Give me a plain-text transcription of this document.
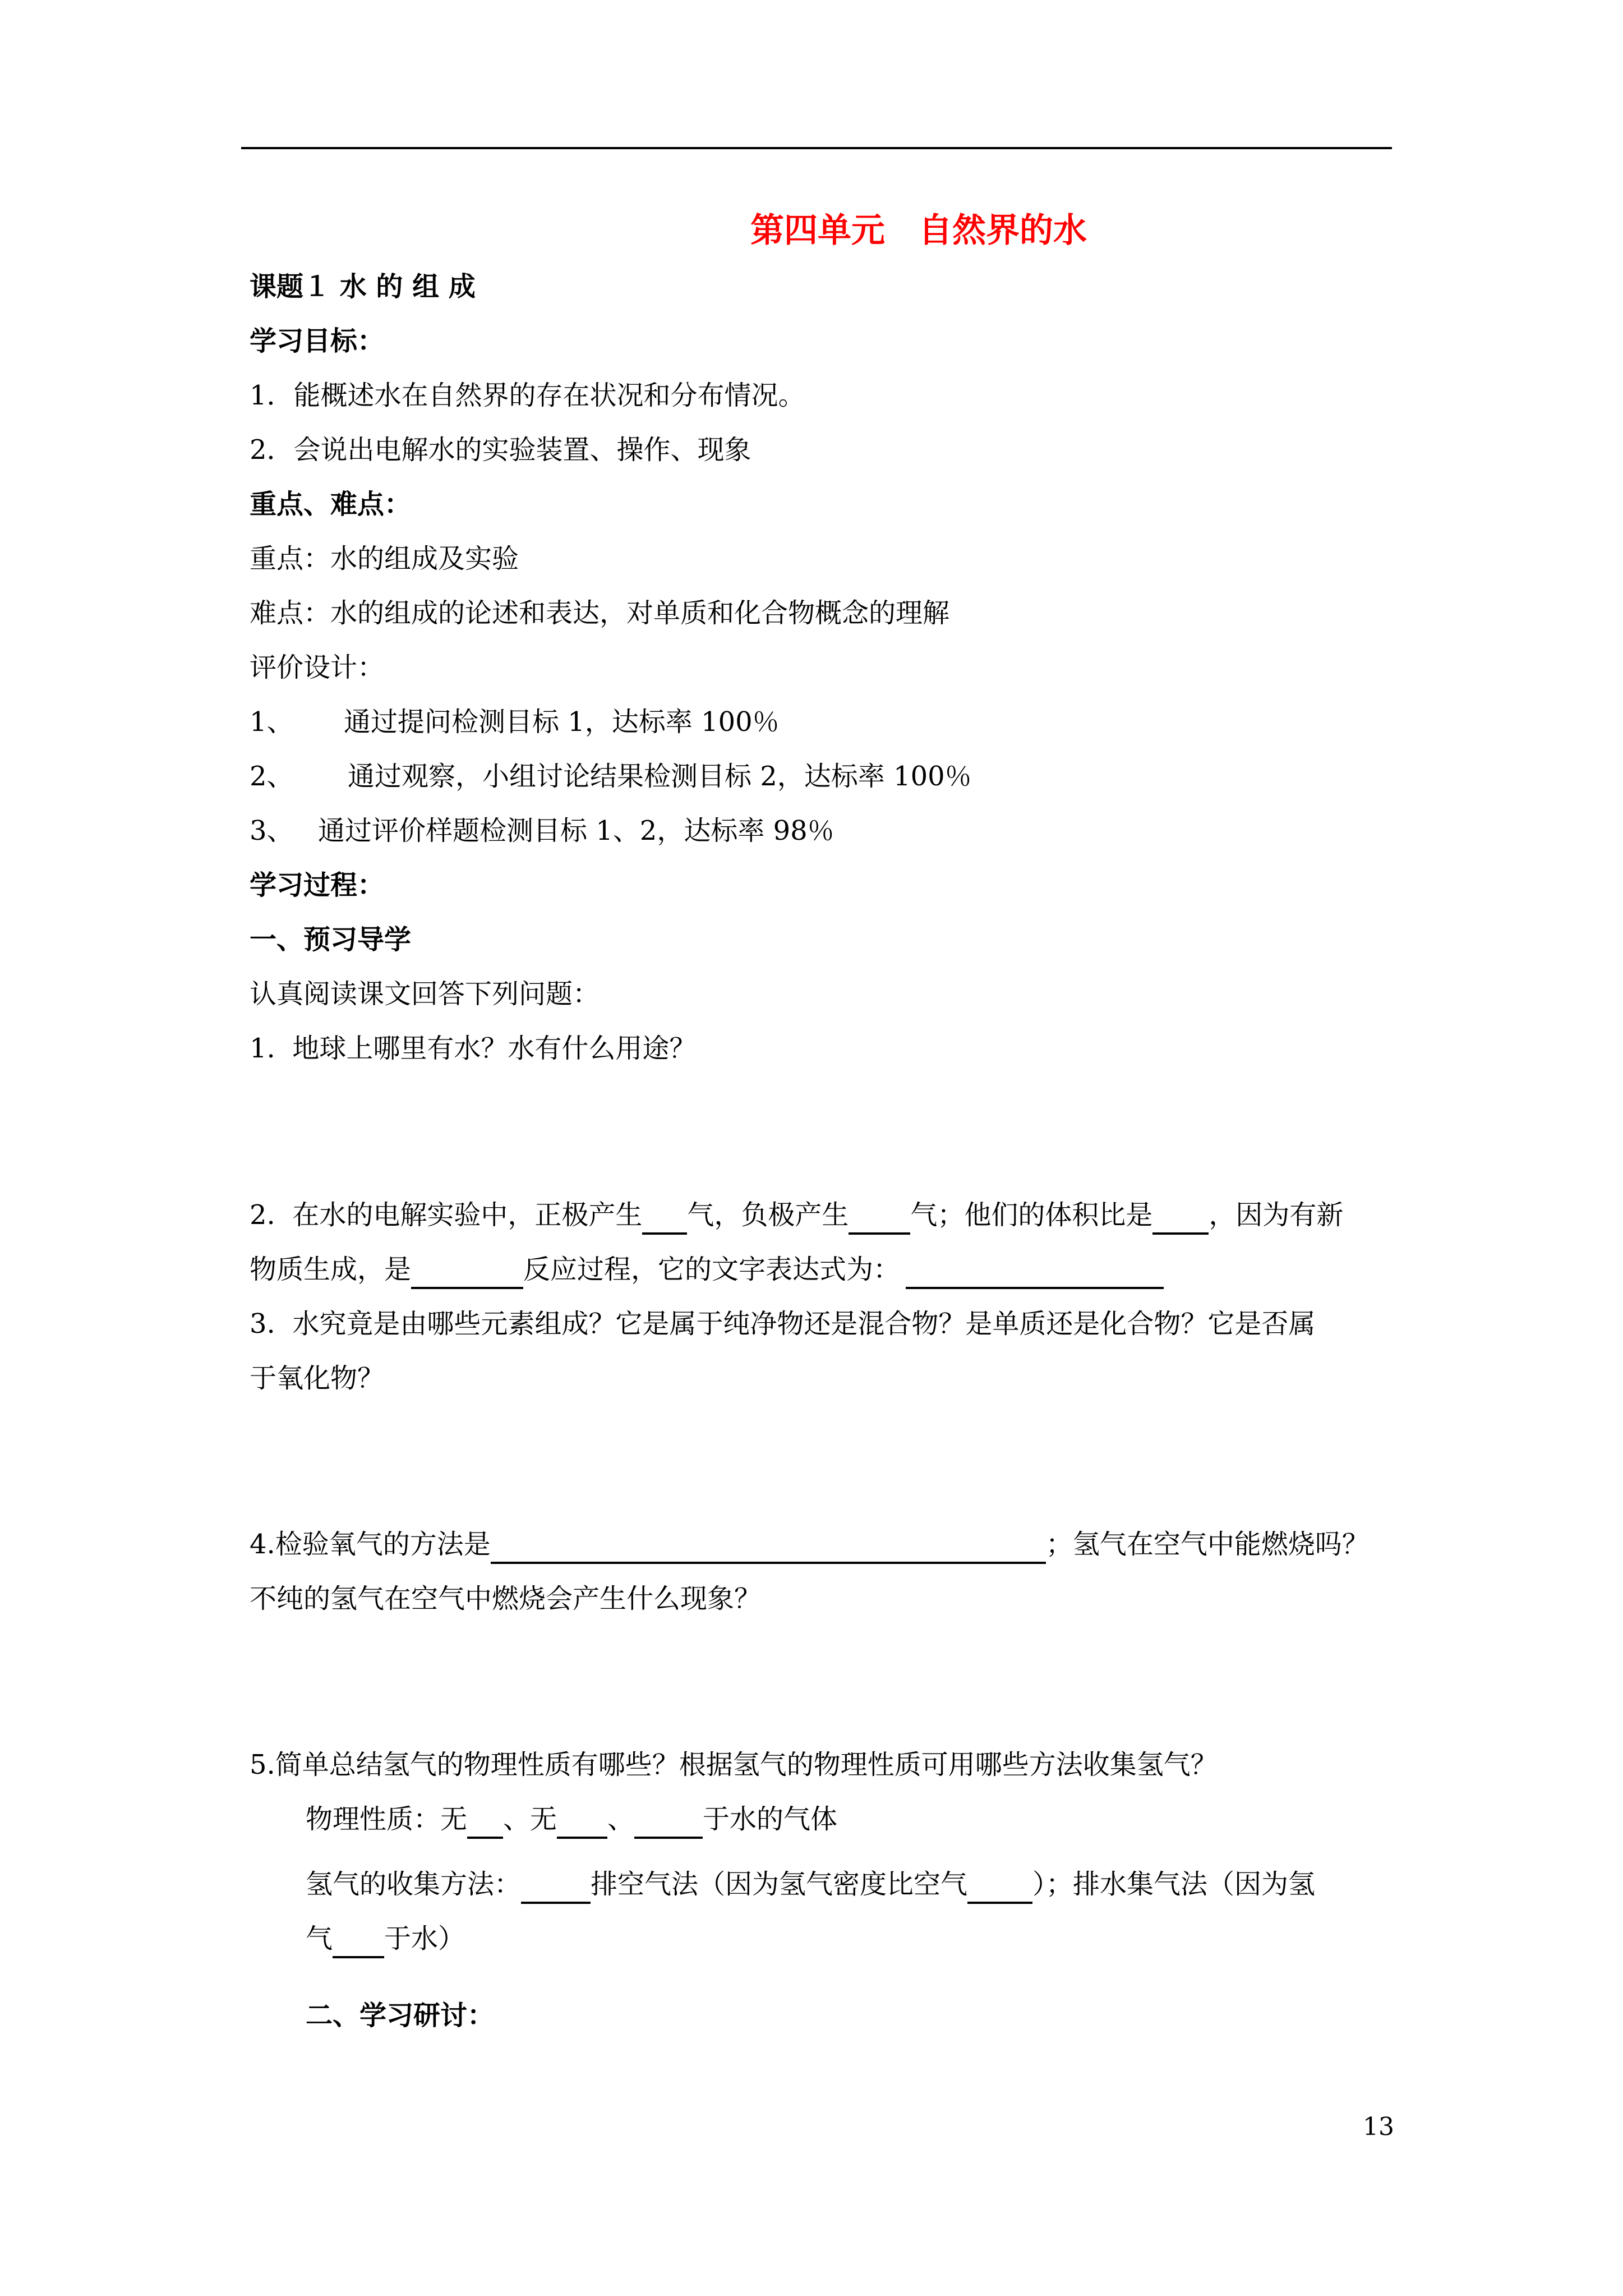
第四单元　自然界的水

课题１ 水 的 组 成

学习目标：

1．能概述水在自然界的存在状况和分布情况。

2．会说出电解水的实验装置、操作、现象

重点、难点：

重点：水的组成及实验

难点：水的组成的论述和表达，对单质和化合物概念的理解

评价设计：

1、 通过提问检测目标 1，达标率 100％

2、 通过观察，小组讨论结果检测目标 2，达标率 100％

3、 通过评价样题检测目标 1、2，达标率 98％

学习过程：

一、预习导学

认真阅读课文回答下列问题：

1.  地球上哪里有水？水有什么用途？

2.  在水的电解实验中，正极产生 气，负极产生 气；他们的体积比是 ，因为有新

物质生成，是	反应过程，它的文字表达式为：

3.  水究竟是由哪些元素组成？它是属于纯净物还是混合物？是单质还是化合物？它是否属

于氧化物？

4.检验氧气的方法是	；氢气在空气中能燃烧吗？

不纯的氢气在空气中燃烧会产生什么现象？

5.简单总结氢气的物理性质有哪些？根据氢气的物理性质可用哪些方法收集氢气？

物理性质：无 、无 、	于水的气体

氢气的收集方法：	排空气法（因为氢气密度比空气 ）；排水集气法（因为氢

气 于水）

二、学习研讨：

13
